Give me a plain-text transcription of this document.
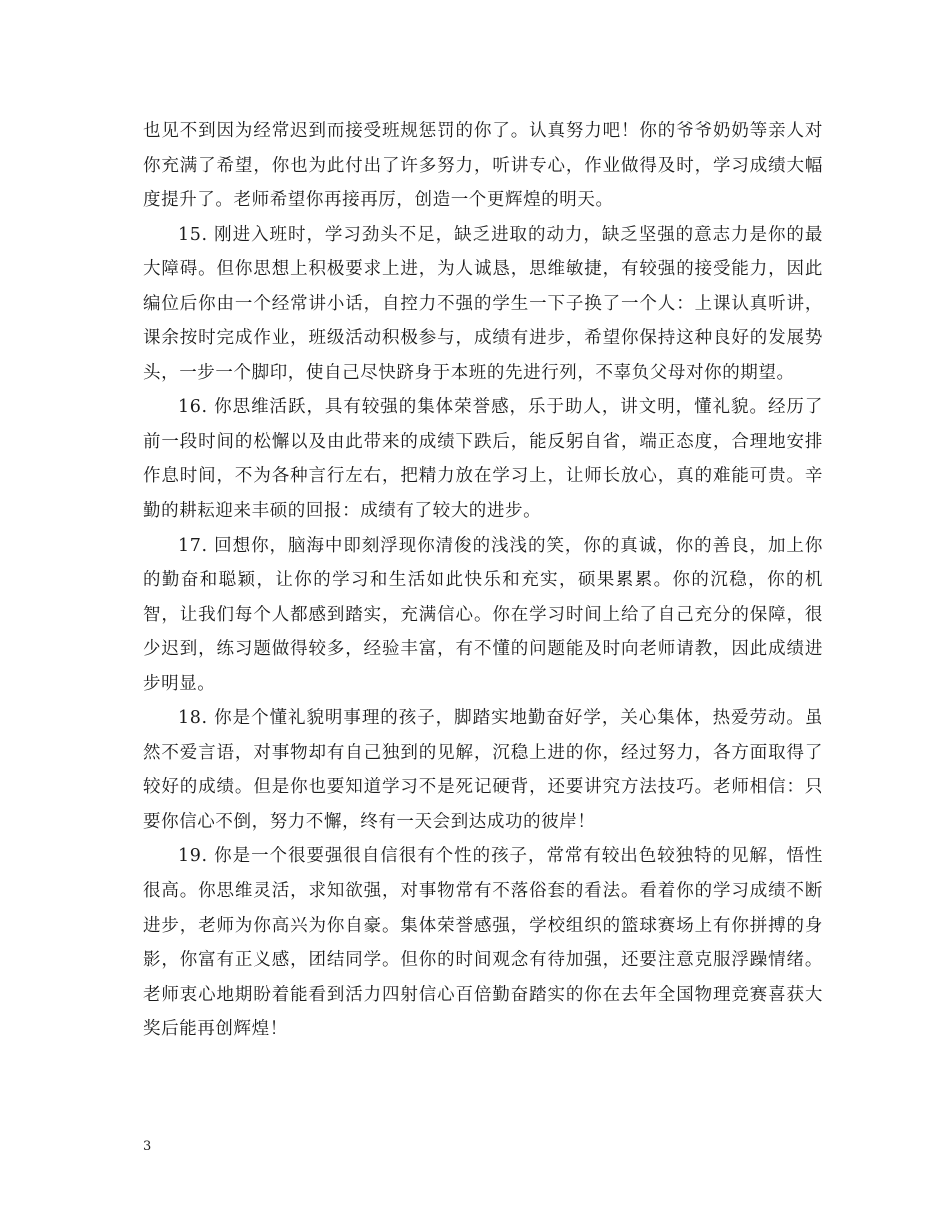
也见不到因为经常迟到而接受班规惩罚的你了。认真努力吧！你的爷爷奶奶等亲人对你充满了希望，你也为此付出了许多努力，听讲专心，作业做得及时，学习成绩大幅度提升了。老师希望你再接再厉，创造一个更辉煌的明天。

15. 刚进入班时，学习劲头不足，缺乏进取的动力，缺乏坚强的意志力是你的最大障碍。但你思想上积极要求上进，为人诚恳，思维敏捷，有较强的接受能力，因此编位后你由一个经常讲小话，自控力不强的学生一下子换了一个人：上课认真听讲，课余按时完成作业，班级活动积极参与，成绩有进步，希望你保持这种良好的发展势头，一步一个脚印，使自己尽快跻身于本班的先进行列，不辜负父母对你的期望。

16. 你思维活跃，具有较强的集体荣誉感，乐于助人，讲文明，懂礼貌。经历了前一段时间的松懈以及由此带来的成绩下跌后，能反躬自省，端正态度，合理地安排作息时间，不为各种言行左右，把精力放在学习上，让师长放心，真的难能可贵。辛勤的耕耘迎来丰硕的回报：成绩有了较大的进步。

17. 回想你，脑海中即刻浮现你清俊的浅浅的笑，你的真诚，你的善良，加上你的勤奋和聪颖，让你的学习和生活如此快乐和充实，硕果累累。你的沉稳，你的机智，让我们每个人都感到踏实，充满信心。你在学习时间上给了自己充分的保障，很少迟到，练习题做得较多，经验丰富，有不懂的问题能及时向老师请教，因此成绩进步明显。

18. 你是个懂礼貌明事理的孩子，脚踏实地勤奋好学，关心集体，热爱劳动。虽然不爱言语，对事物却有自己独到的见解，沉稳上进的你，经过努力，各方面取得了较好的成绩。但是你也要知道学习不是死记硬背，还要讲究方法技巧。老师相信：只要你信心不倒，努力不懈，终有一天会到达成功的彼岸！

19. 你是一个很要强很自信很有个性的孩子，常常有较出色较独特的见解，悟性很高。你思维灵活，求知欲强，对事物常有不落俗套的看法。看着你的学习成绩不断进步，老师为你高兴为你自豪。集体荣誉感强，学校组织的篮球赛场上有你拼搏的身影，你富有正义感，团结同学。但你的时间观念有待加强，还要注意克服浮躁情绪。老师衷心地期盼着能看到活力四射信心百倍勤奋踏实的你在去年全国物理竞赛喜获大奖后能再创辉煌！

3
